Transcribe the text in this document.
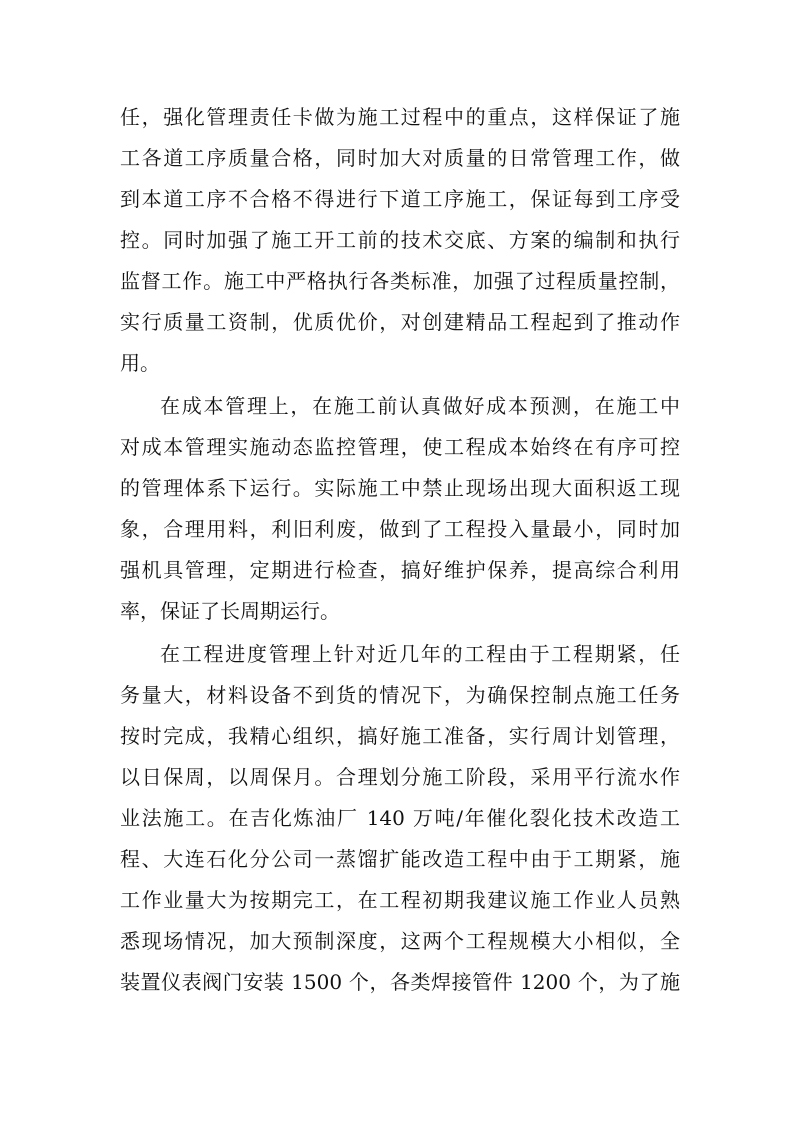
任，强化管理责任卡做为施工过程中的重点，这样保证了施
工各道工序质量合格，同时加大对质量的日常管理工作，做
到本道工序不合格不得进行下道工序施工，保证每到工序受
控。同时加强了施工开工前的技术交底、方案的编制和执行
监督工作。施工中严格执行各类标准，加强了过程质量控制，
实行质量工资制，优质优价，对创建精品工程起到了推动作
用。
在成本管理上，在施工前认真做好成本预测，在施工中
对成本管理实施动态监控管理，使工程成本始终在有序可控
的管理体系下运行。实际施工中禁止现场出现大面积返工现
象，合理用料，利旧利废，做到了工程投入量最小，同时加
强机具管理，定期进行检查，搞好维护保养，提高综合利用
率，保证了长周期运行。
在工程进度管理上针对近几年的工程由于工程期紧，任
务量大，材料设备不到货的情况下，为确保控制点施工任务
按时完成，我精心组织，搞好施工准备，实行周计划管理，
以日保周，以周保月。合理划分施工阶段，采用平行流水作
业法施工。在吉化炼油厂 140 万吨/年催化裂化技术改造工
程、大连石化分公司一蒸馏扩能改造工程中由于工期紧，施
工作业量大为按期完工，在工程初期我建议施工作业人员熟
悉现场情况，加大预制深度，这两个工程规模大小相似，全
装置仪表阀门安装 1500 个，各类焊接管件 1200 个，为了施
